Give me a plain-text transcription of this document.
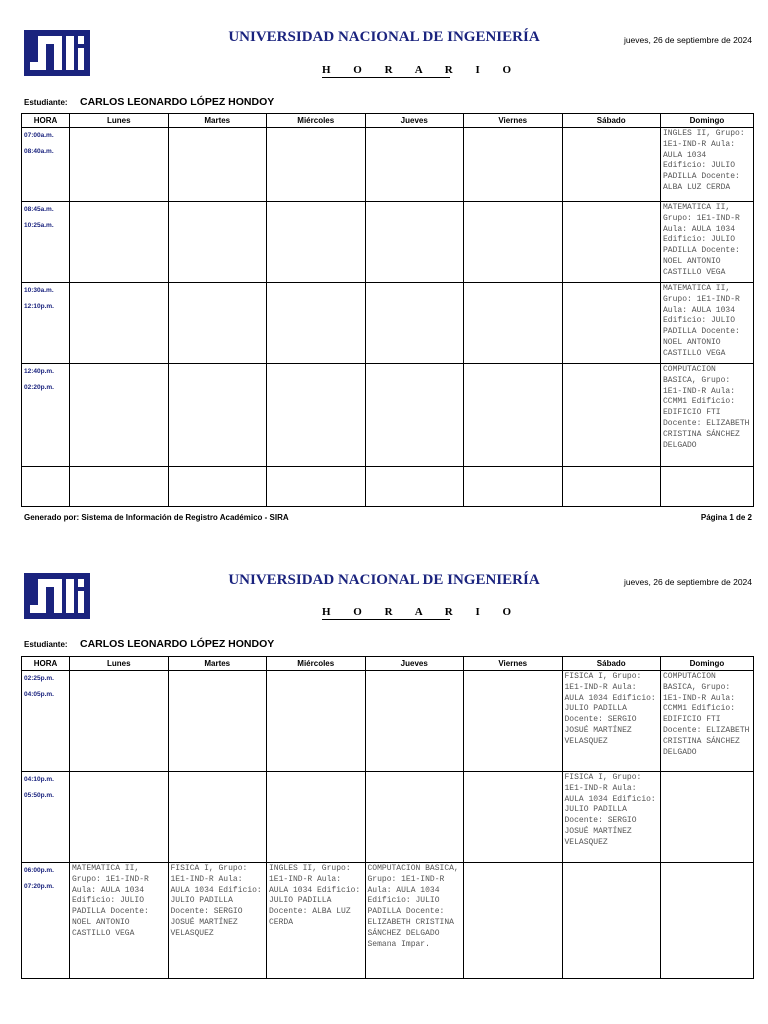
UNIVERSIDAD NACIONAL DE INGENIERÍA	jueves, 26 de septiembre de 2024
H O R A R I O
Estudiante: CARLOS LEONARDO LÓPEZ HONDOY
HORA	Lunes	Martes	Miércoles	Jueves	Viernes	Sábado	Domingo

07:00a.m.
08:40a.m.							INGLES II, Grupo: 1E1-IND-R Aula: AULA 1034 Edificio: JULIO PADILLA Docente: ALBA LUZ CERDA

08:45a.m.
10:25a.m.							MATEMATICA II, Grupo: 1E1-IND-R Aula: AULA 1034 Edificio: JULIO PADILLA Docente: NOEL ANTONIO CASTILLO VEGA

10:30a.m.
12:10p.m.							MATEMATICA II, Grupo: 1E1-IND-R Aula: AULA 1034 Edificio: JULIO PADILLA Docente: NOEL ANTONIO CASTILLO VEGA

12:40p.m.
02:20p.m.							COMPUTACION BASICA, Grupo: 1E1-IND-R Aula: CCMM1 Edificio: EDIFICIO FTI Docente: ELIZABETH CRISTINA SÁNCHEZ DELGADO

Generado por: Sistema de Información de Registro Académico - SIRA	Página 1 de 2
UNIVERSIDAD NACIONAL DE INGENIERÍA	jueves, 26 de septiembre de 2024
H O R A R I O
Estudiante: CARLOS LEONARDO LÓPEZ HONDOY
HORA	Lunes	Martes	Miércoles	Jueves	Viernes	Sábado	Domingo

02:25p.m.
04:05p.m.						FISICA I, Grupo: 1E1-IND-R Aula: AULA 1034 Edificio: JULIO PADILLA Docente: SERGIO JOSUÉ MARTÍNEZ VELASQUEZ	COMPUTACION BASICA, Grupo: 1E1-IND-R Aula: CCMM1 Edificio: EDIFICIO FTI Docente: ELIZABETH CRISTINA SÁNCHEZ DELGADO

04:10p.m.
05:50p.m.						FISICA I, Grupo: 1E1-IND-R Aula: AULA 1034 Edificio: JULIO PADILLA Docente: SERGIO JOSUÉ MARTÍNEZ VELASQUEZ	

06:00p.m.
07:20p.m.	MATEMATICA II, Grupo: 1E1-IND-R Aula: AULA 1034 Edificio: JULIO PADILLA Docente: NOEL ANTONIO CASTILLO VEGA	FISICA I, Grupo: 1E1-IND-R Aula: AULA 1034 Edificio: JULIO PADILLA Docente: SERGIO JOSUÉ MARTÍNEZ VELASQUEZ	INGLES II, Grupo: 1E1-IND-R Aula: AULA 1034 Edificio: JULIO PADILLA Docente: ALBA LUZ CERDA	COMPUTACION BASICA, Grupo: 1E1-IND-R Aula: AULA 1034 Edificio: JULIO PADILLA Docente: ELIZABETH CRISTINA SÁNCHEZ DELGADO Semana Impar.			
